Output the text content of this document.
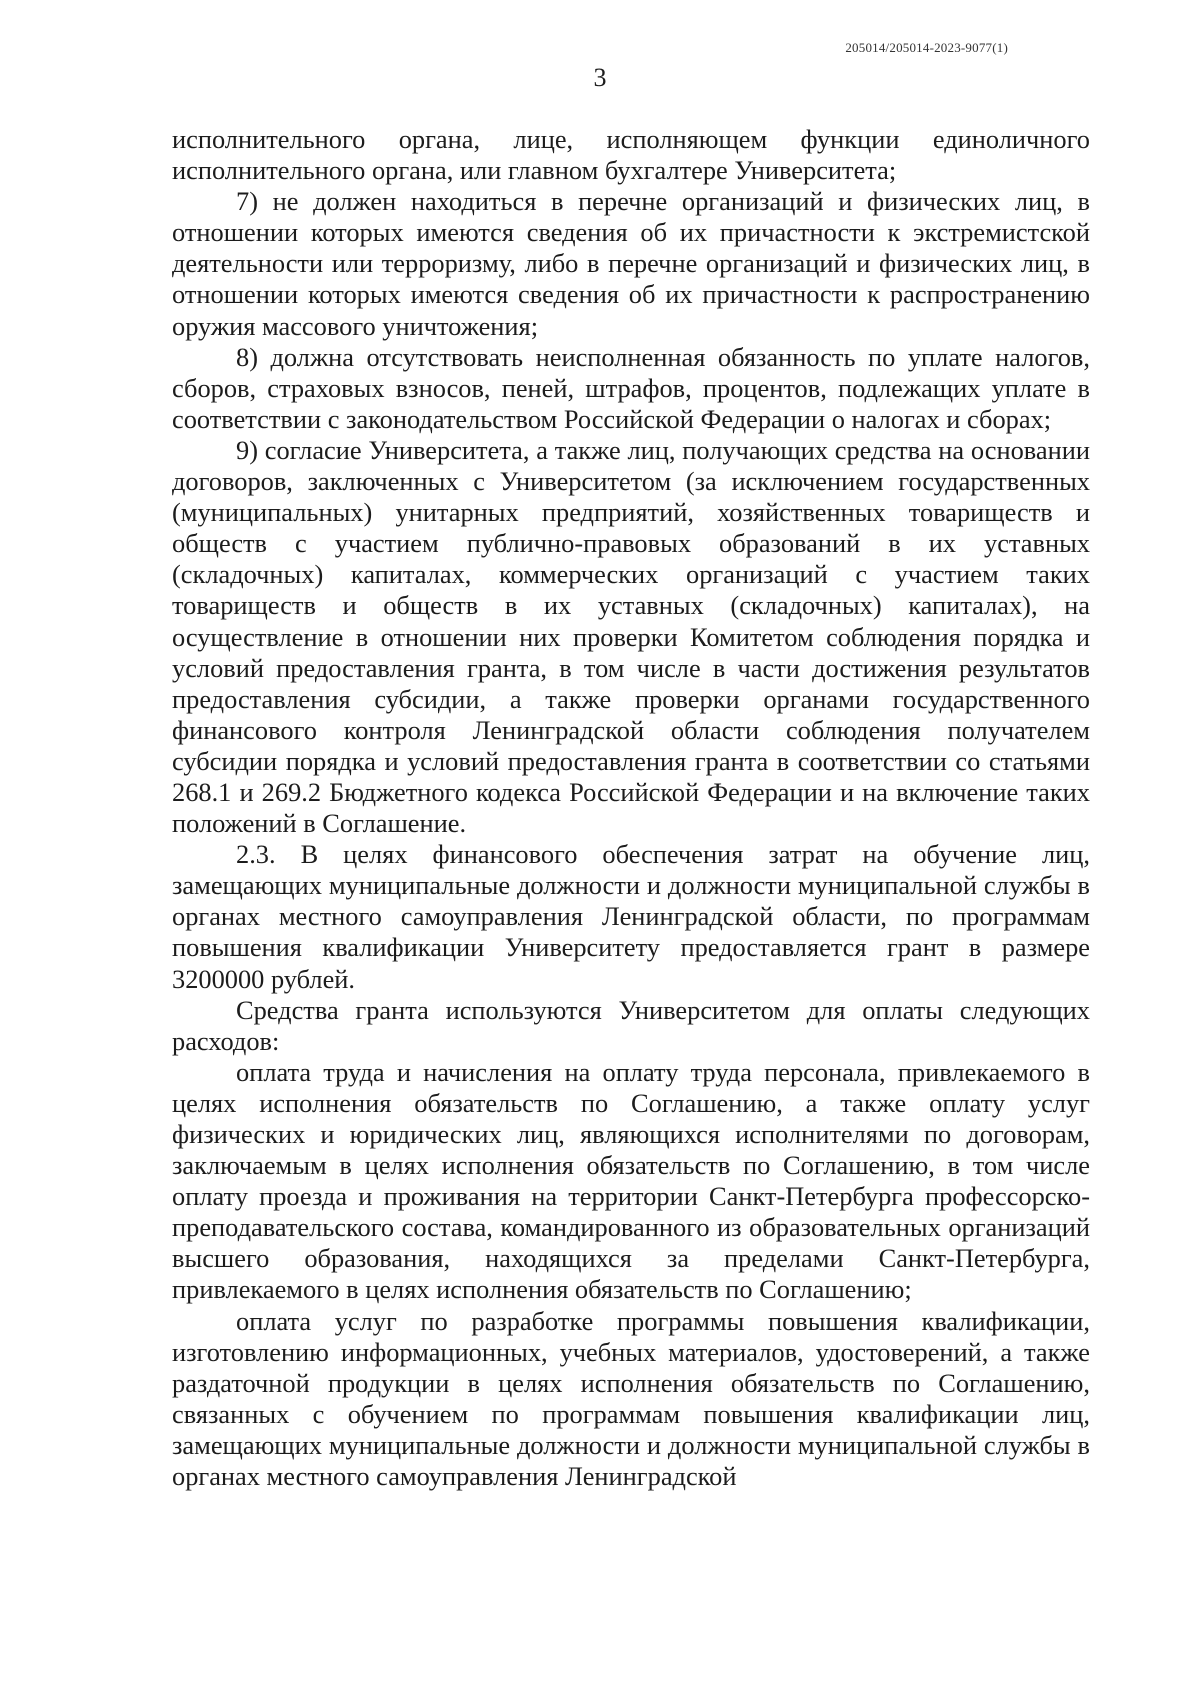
205014/205014-2023-9077(1)
3

исполнительного органа, лице, исполняющем функции единоличного исполнительного органа, или главном бухгалтере Университета;

7) не должен находиться в перечне организаций и физических лиц, в отношении которых имеются сведения об их причастности к экстремистской деятельности или терроризму, либо в перечне организаций и физических лиц, в отношении которых имеются сведения об их причастности к распространению оружия массового уничтожения;

8) должна отсутствовать неисполненная обязанность по уплате налогов, сборов, страховых взносов, пеней, штрафов, процентов, подлежащих уплате в соответствии с законодательством Российской Федерации о налогах и сборах;

9) согласие Университета, а также лиц, получающих средства на основании договоров, заключенных с Университетом (за исключением государственных (муниципальных) унитарных предприятий, хозяйственных товариществ и обществ с участием публично-правовых образований в их уставных (складочных) капиталах, коммерческих организаций с участием таких товариществ и обществ в их уставных (складочных) капиталах), на осуществление в отношении них проверки Комитетом соблюдения порядка и условий предоставления гранта, в том числе в части достижения результатов предоставления субсидии, а также проверки органами государственного финансового контроля Ленинградской области соблюдения получателем субсидии порядка и условий предоставления гранта в соответствии со статьями 268.1 и 269.2 Бюджетного кодекса Российской Федерации и на включение таких положений в Соглашение.

2.3. В целях финансового обеспечения затрат на обучение лиц, замещающих муниципальные должности и должности муниципальной службы в органах местного самоуправления Ленинградской области, по программам повышения квалификации Университету предоставляется грант в размере 3200000 рублей.

Средства гранта используются Университетом для оплаты следующих расходов:

оплата труда и начисления на оплату труда персонала, привлекаемого в целях исполнения обязательств по Соглашению, а также оплату услуг физических и юридических лиц, являющихся исполнителями по договорам, заключаемым в целях исполнения обязательств по Соглашению, в том числе оплату проезда и проживания на территории Санкт-Петербурга профессорско-преподавательского состава, командированного из образовательных организаций высшего образования, находящихся за пределами Санкт-Петербурга, привлекаемого в целях исполнения обязательств по Соглашению;

оплата услуг по разработке программы повышения квалификации, изготовлению информационных, учебных материалов, удостоверений, а также раздаточной продукции в целях исполнения обязательств по Соглашению, связанных с обучением по программам повышения квалификации лиц, замещающих муниципальные должности и должности муниципальной службы в органах местного самоуправления Ленинградской
